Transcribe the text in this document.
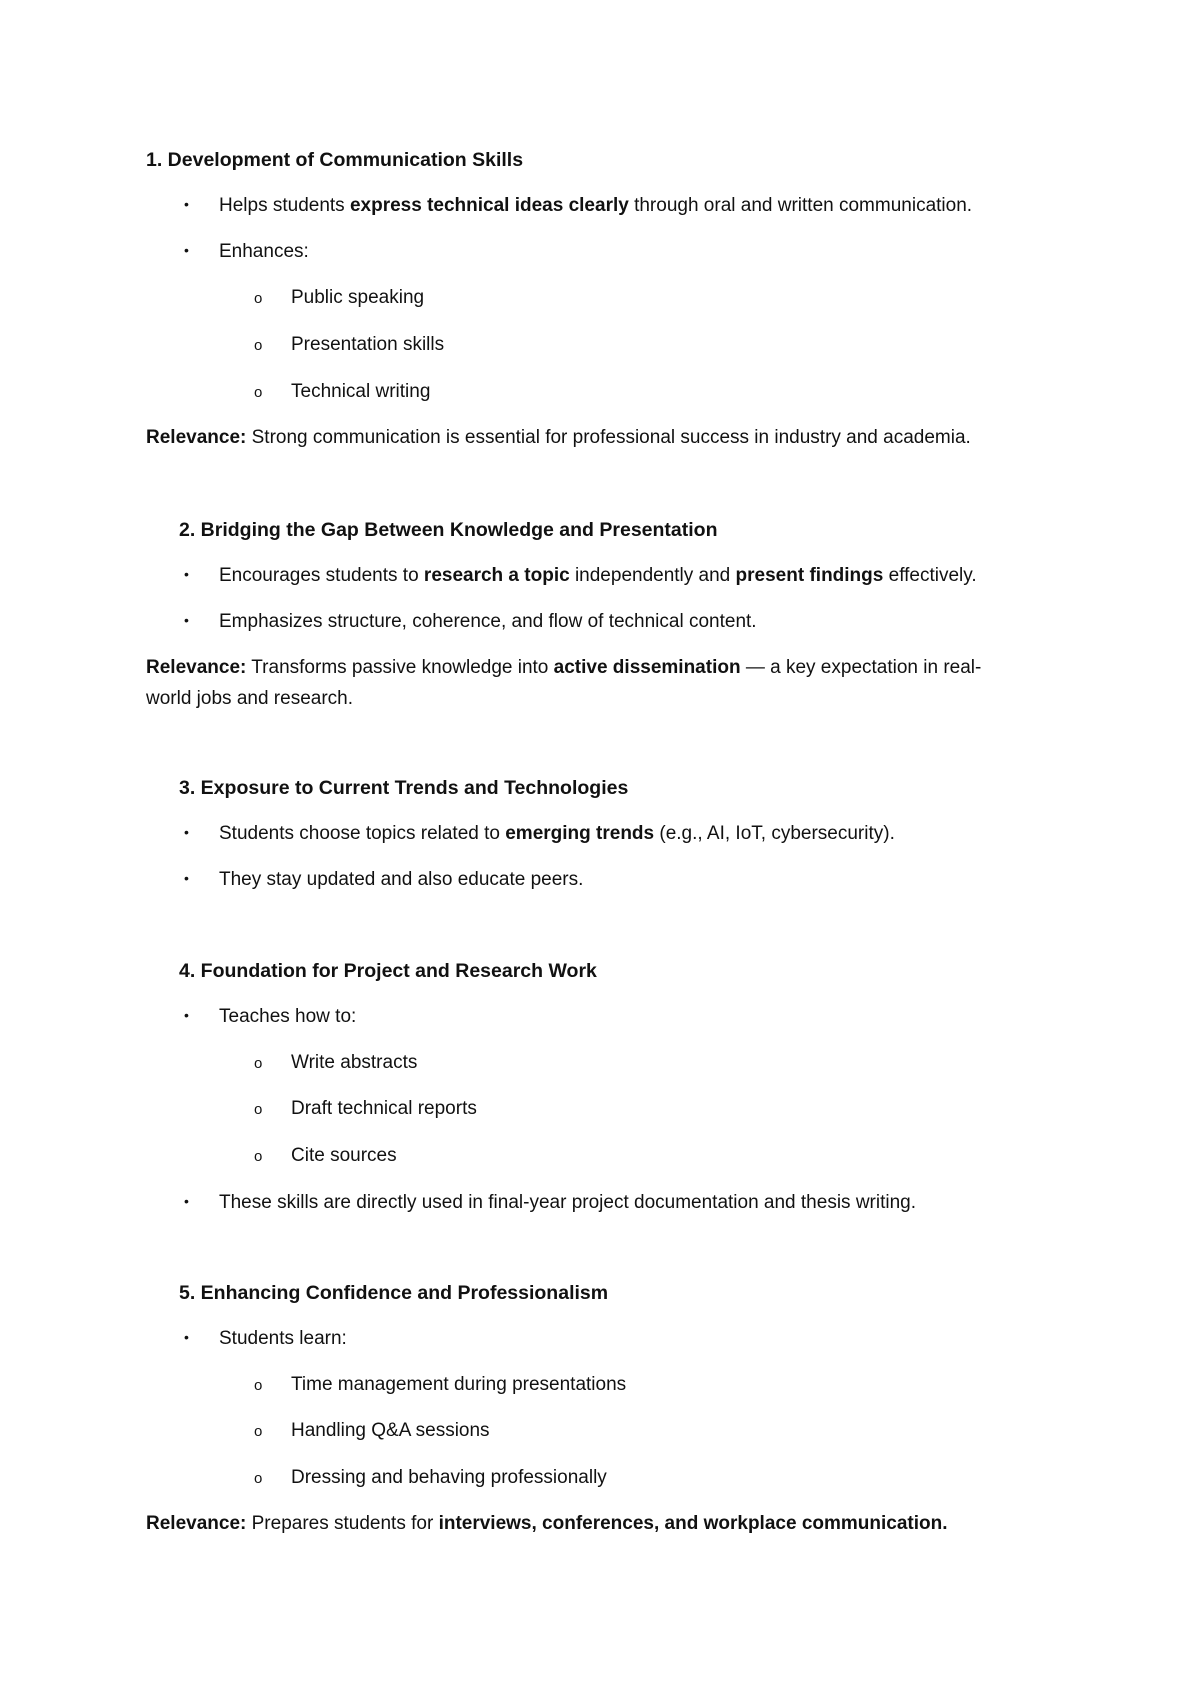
1. Development of Communication Skills
• Helps students express technical ideas clearly through oral and written communication.
• Enhances:
o Public speaking
o Presentation skills
o Technical writing
Relevance: Strong communication is essential for professional success in industry and academia.
2. Bridging the Gap Between Knowledge and Presentation
• Encourages students to research a topic independently and present findings effectively.
• Emphasizes structure, coherence, and flow of technical content.
Relevance: Transforms passive knowledge into active dissemination — a key expectation in real-
world jobs and research.
3. Exposure to Current Trends and Technologies
• Students choose topics related to emerging trends (e.g., AI, IoT, cybersecurity).
• They stay updated and also educate peers.
4. Foundation for Project and Research Work
• Teaches how to:
o Write abstracts
o Draft technical reports
o Cite sources
• These skills are directly used in final-year project documentation and thesis writing.
5. Enhancing Confidence and Professionalism
• Students learn:
o Time management during presentations
o Handling Q&A sessions
o Dressing and behaving professionally
Relevance: Prepares students for interviews, conferences, and workplace communication.
